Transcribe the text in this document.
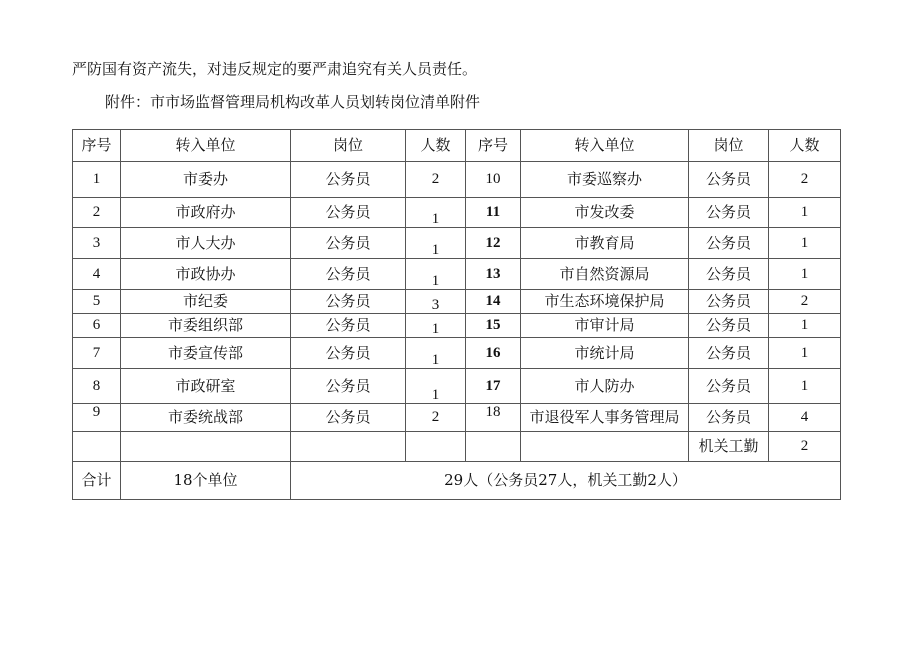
严防国有资产流失，对违反规定的要严肃追究有关人员责任。
附件：市市场监督管理局机构改革人员划转岗位清单附件
序号	转入单位	岗位	人数	序号	转入单位	岗位	人数
1	市委办	公务员	2	10	市委巡察办	公务员	2
2	市政府办	公务员	1	11	市发改委	公务员	1
3	市人大办	公务员	1	12	市教育局	公务员	1
4	市政协办	公务员	1	13	市自然资源局	公务员	1
5	市纪委	公务员	3	14	市生态环境保护局	公务员	2
6	市委组织部	公务员	1	15	市审计局	公务员	1
7	市委宣传部	公务员	1	16	市统计局	公务员	1
8	市政研室	公务员	1	17	市人防办	公务员	1
9	市委统战部	公务员	2	18	市退役军人事务管理局	公务员	4
						机关工勤	2
合计	18个单位	29人（公务员27人，机关工勤2人）					
